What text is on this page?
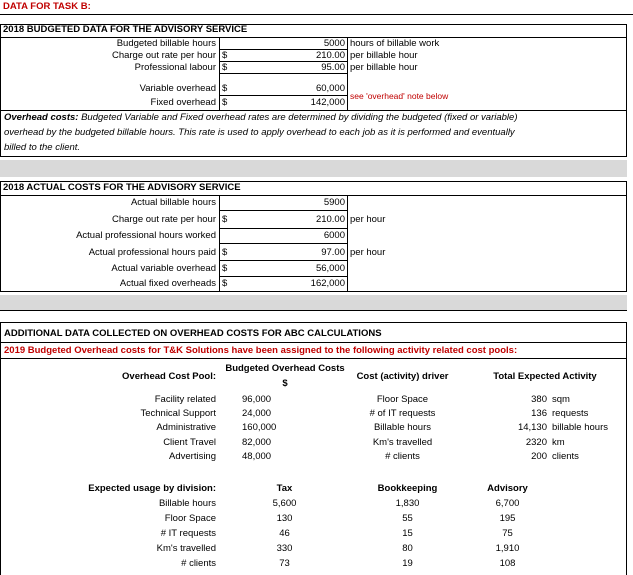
DATA FOR TASK B:
2018 BUDGETED DATA FOR THE ADVISORY SERVICE
Budgeted billable hours	5000 hours of billable work
Charge out rate per hour $	210.00 per billable hour
Professional labour $	95.00 per billable hour
Variable overhead $	60,000
Fixed overhead $	142,000
see 'overhead' note below
Overhead costs: Budgeted Variable and Fixed overhead rates are determined by dividing the budgeted (fixed or variable)
overhead by the budgeted billable hours. This rate is used to apply overhead to each job as it is performed and eventually
billed to the client.
2018 ACTUAL COSTS FOR THE ADVISORY SERVICE
Actual billable hours	5900
Charge out rate per hour $	210.00 per hour
Actual professional hours worked	6000
Actual professional hours paid $	97.00 per hour
Actual variable overhead $	56,000
Actual fixed overheads $	162,000
ADDITIONAL DATA COLLECTED ON OVERHEAD COSTS FOR ABC CALCULATIONS
2019 Budgeted Overhead costs for T&K Solutions have been assigned to the following activity related cost pools:
Overhead Cost Pool:
Budgeted Overhead Costs
$
Cost (activity) driver	Total Expected Activity
Facility related	96,000	Floor Space	380 sqm
Technical Support	24,000	# of IT requests	136 requests
Administrative	160,000	Billable hours	14,130 billable hours
Client Travel	82,000	Km's travelled	2320 km
Advertising	48,000	# clients	200 clients
Expected usage by division:	Tax	Bookkeeping	Advisory
Billable hours	5,600	1,830	6,700
Floor Space	130	55	195
# IT requests	46	15	75
Km's travelled	330	80	1,910
# clients	73	19	108
